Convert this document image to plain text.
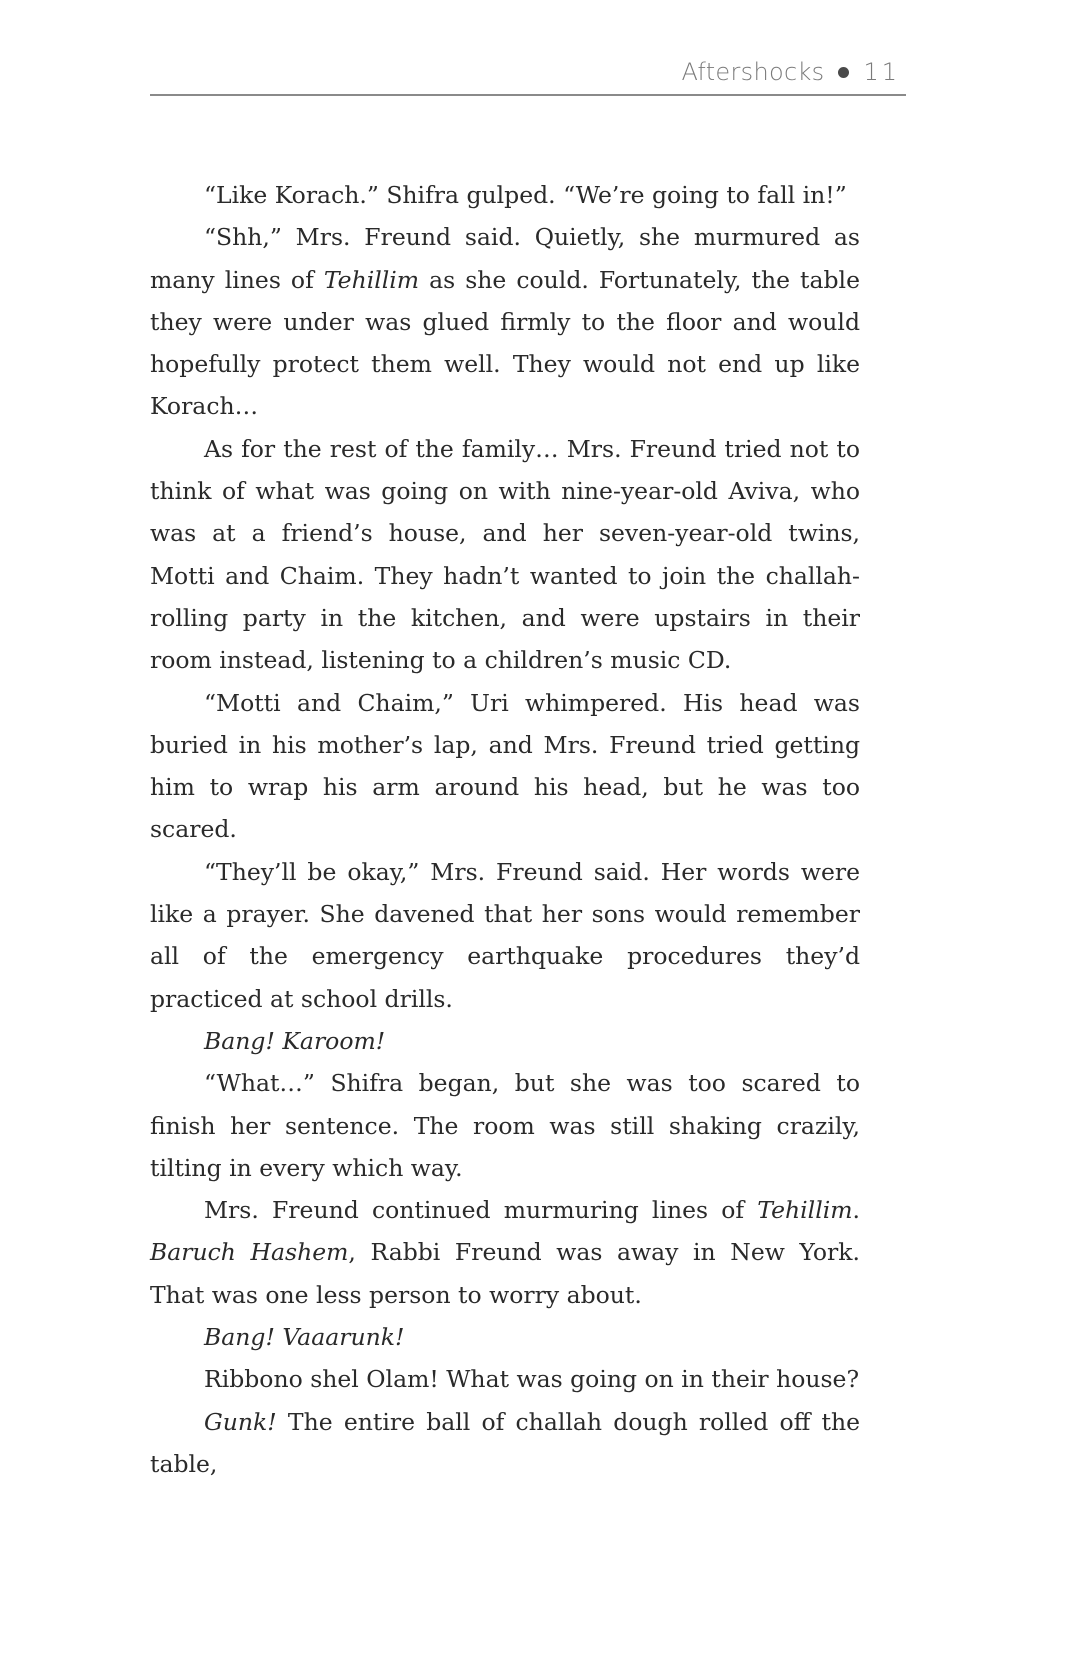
Aftershocks 11

“Like Korach.” Shifra gulped. “We’re going to fall in!”

“Shh,” Mrs. Freund said. Quietly, she murmured as many lines of Tehillim as she could. Fortunately, the table they were under was glued firmly to the floor and would hopefully protect them well. They would not end up like Korach…

As for the rest of the family… Mrs. Freund tried not to think of what was going on with nine-year-old Aviva, who was at a friend’s house, and her seven-year-old twins, Motti and Chaim. They hadn’t wanted to join the challah-rolling party in the kitchen, and were upstairs in their room instead, listening to a children’s music CD.

“Motti and Chaim,” Uri whimpered. His head was buried in his mother’s lap, and Mrs. Freund tried getting him to wrap his arm around his head, but he was too scared.

“They’ll be okay,” Mrs. Freund said. Her words were like a prayer. She davened that her sons would remember all of the emergency earthquake procedures they’d practiced at school drills.

Bang! Karoom!

“What…” Shifra began, but she was too scared to finish her sentence. The room was still shaking crazily, tilting in every which way.

Mrs. Freund continued murmuring lines of Tehillim. Baruch Hashem, Rabbi Freund was away in New York. That was one less person to worry about.

Bang! Vaaarunk!

Ribbono shel Olam! What was going on in their house?

Gunk! The entire ball of challah dough rolled off the table,
